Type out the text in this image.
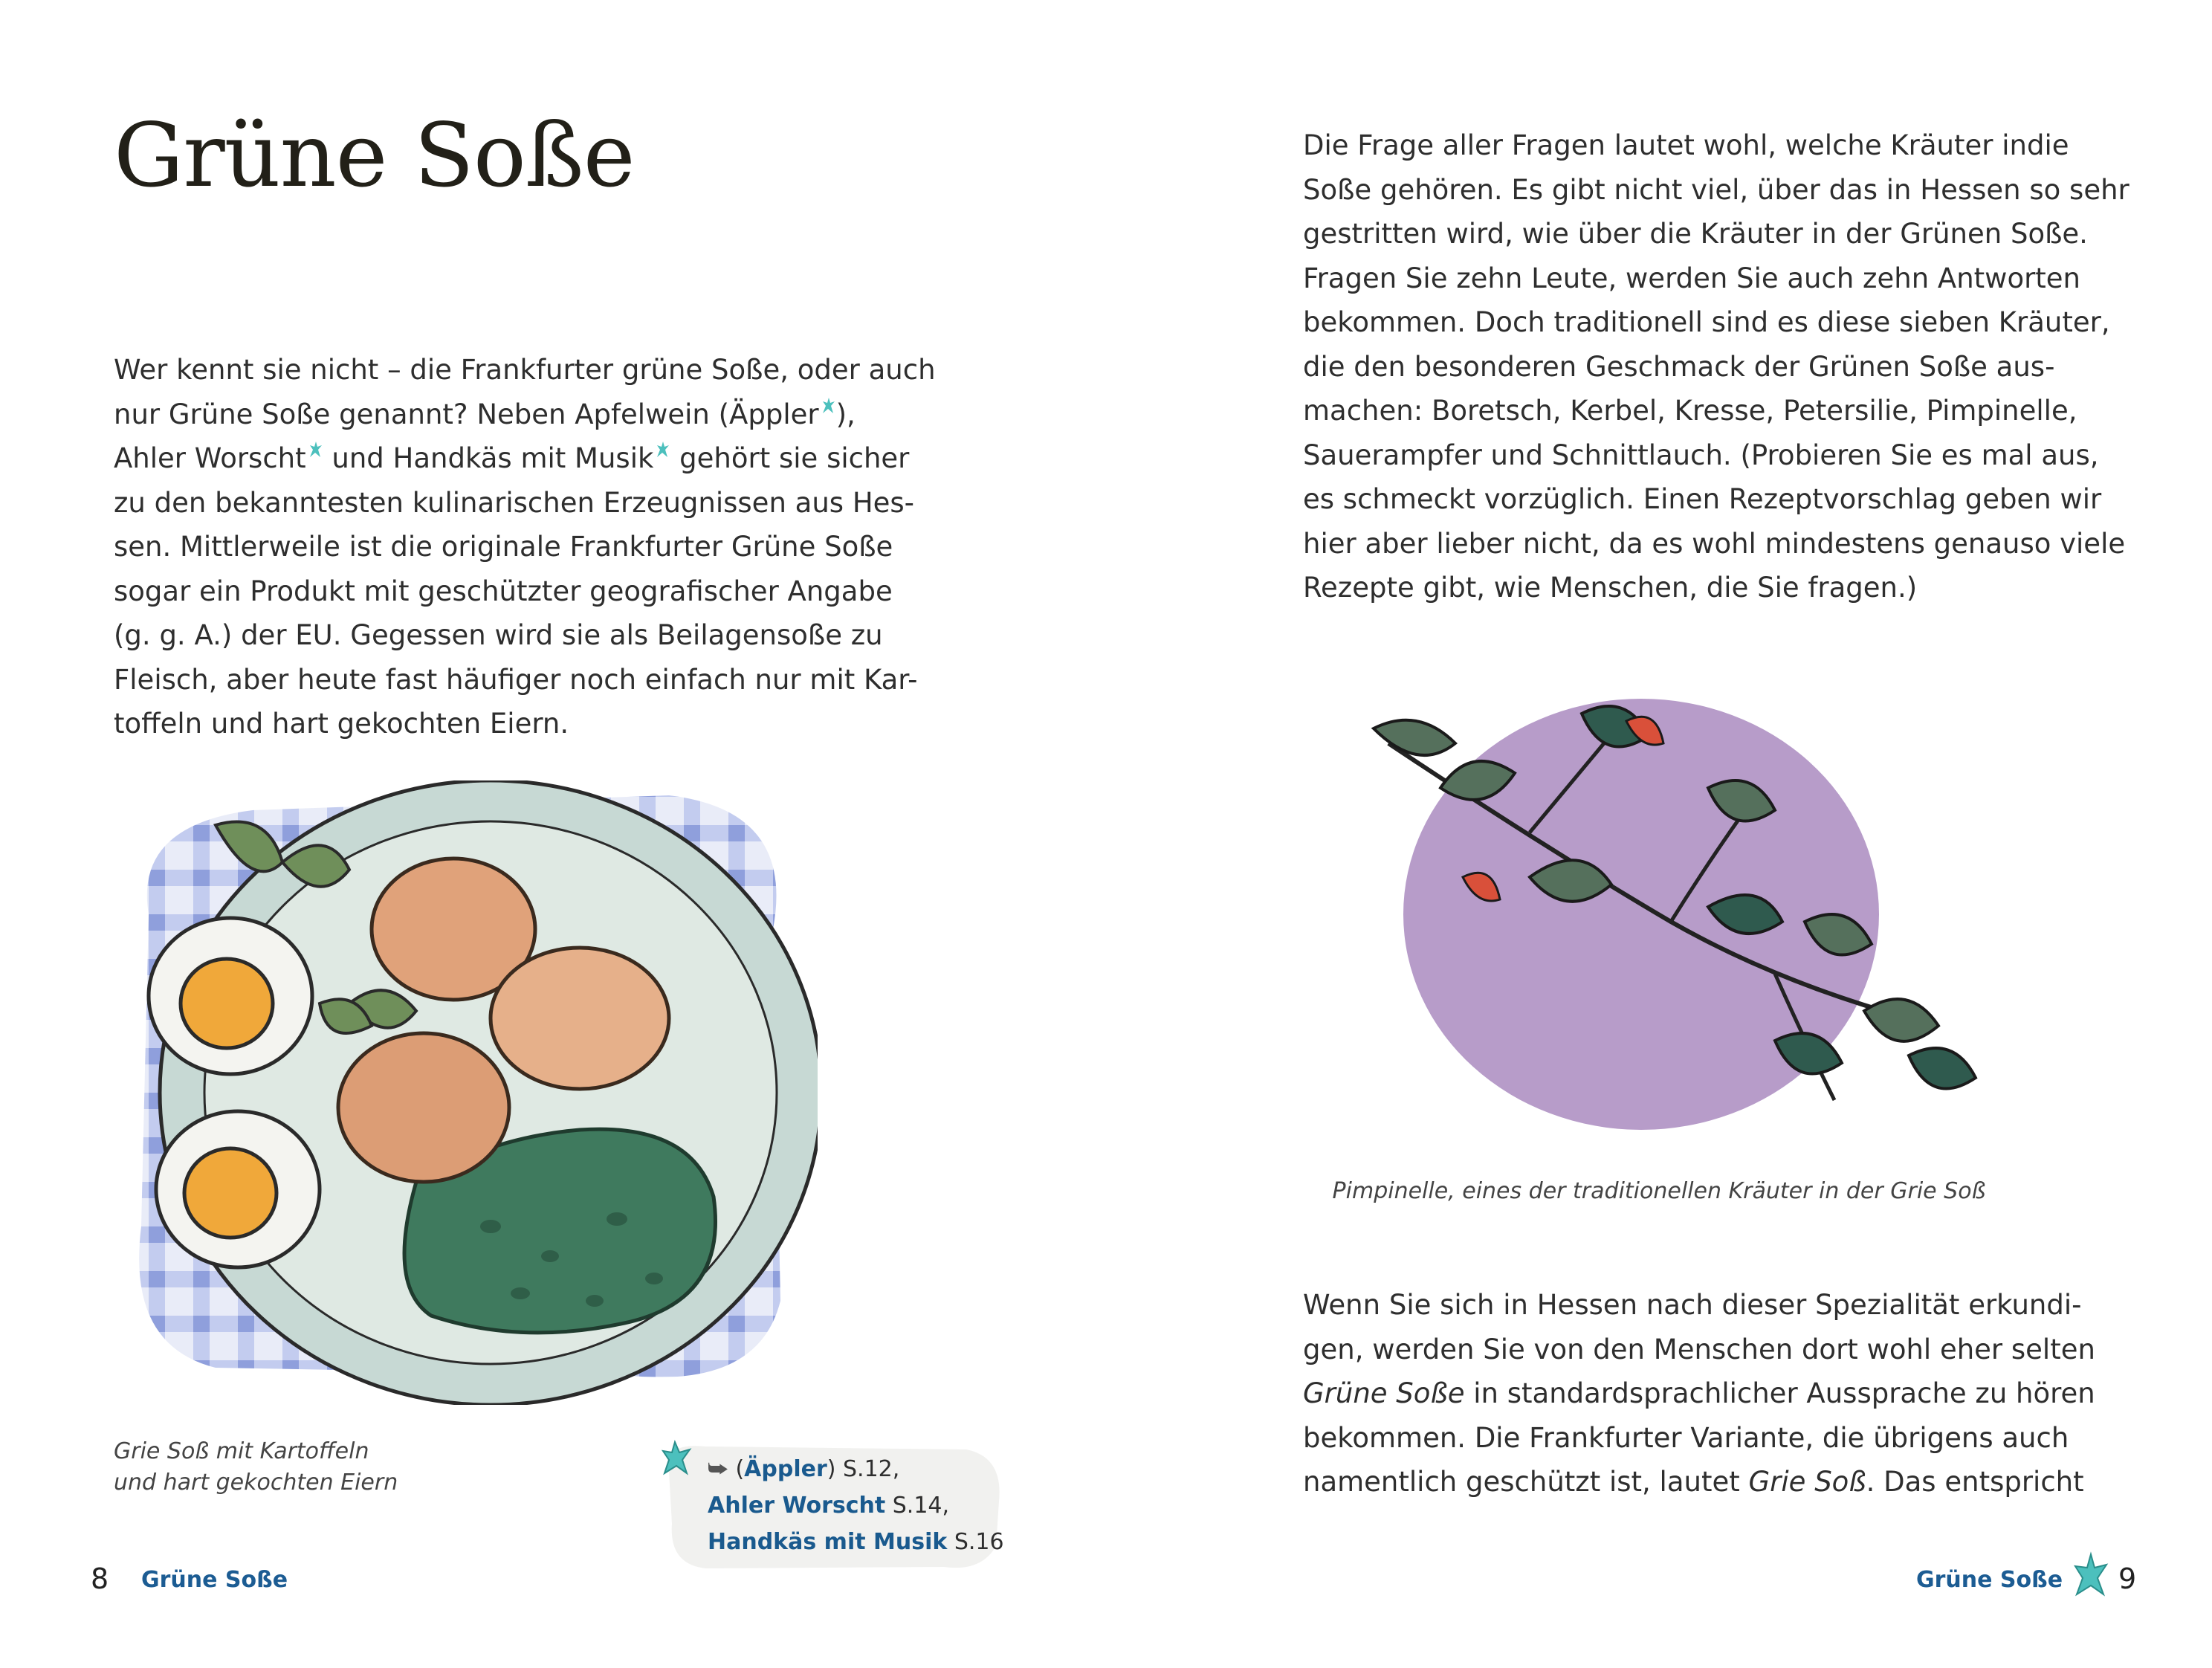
Grüne Soße
Wer kennt sie nicht – die Frankfurter grüne Soße, oder auch
nur Grüne Soße genannt? Neben Apfelwein (Äppler ),
Ahler Worscht und Handkäs mit Musik gehört sie sicher
zu den bekanntesten kulinarischen Erzeugnissen aus Hes-
sen. Mittlerweile ist die originale Frankfurter Grüne Soße
sogar ein Produkt mit geschützter geografischer Angabe
(g. g. A.) der EU. Gegessen wird sie als Beilagensoße zu
Fleisch, aber heute fast häufiger noch einfach nur mit Kar-
toffeln und hart gekochten Eiern.
Grie Soß mit Kartoffeln
und hart gekochten Eiern
⮩ (Äppler) S.12,
Ahler Worscht S.14,
Handkäs mit Musik S.16
8 Grüne Soße
Die Frage aller Fragen lautet wohl, welche Kräuter indie
Soße gehören. Es gibt nicht viel, über das in Hessen so sehr
gestritten wird, wie über die Kräuter in der Grünen Soße.
Fragen Sie zehn Leute, werden Sie auch zehn Antworten
bekommen. Doch traditionell sind es diese sieben Kräuter,
die den besonderen Geschmack der Grünen Soße aus-
machen: Boretsch, Kerbel, Kresse, Petersilie, Pimpinelle,
Sauerampfer und Schnittlauch. (Probieren Sie es mal aus,
es schmeckt vorzüglich. Einen Rezeptvorschlag geben wir
hier aber lieber nicht, da es wohl mindestens genauso viele
Rezepte gibt, wie Menschen, die Sie fragen.)

Pimpinelle, eines der traditionellen Kräuter in der Grie Soß

Wenn Sie sich in Hessen nach dieser Spezialität erkundi-
gen, werden Sie von den Menschen dort wohl eher selten
Grüne Soße in standardsprachlicher Aussprache zu hören
bekommen. Die Frankfurter Variante, die übrigens auch
namentlich geschützt ist, lautet Grie Soß. Das entspricht
Grüne Soße 9
